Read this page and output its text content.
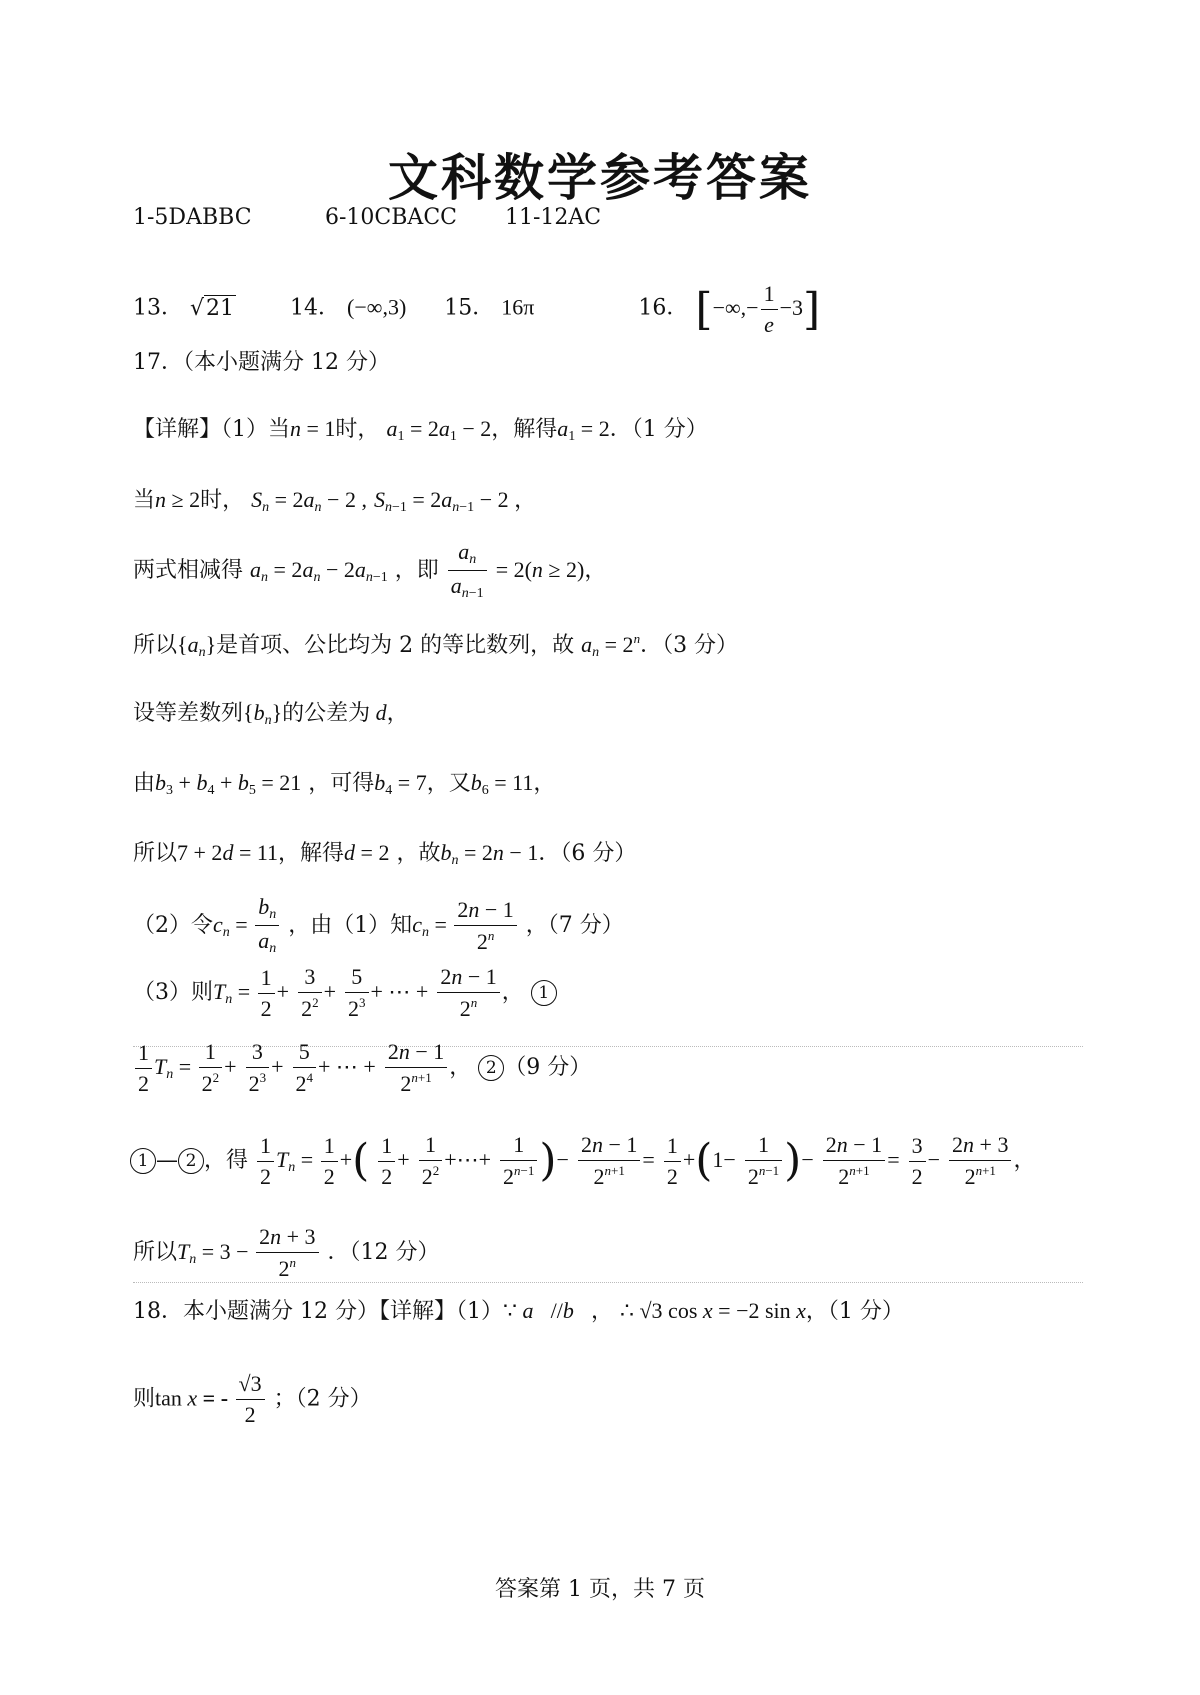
文科数学参考答案
1-5DABBC	6-10CBACC 11-12AC
13． √21	14． (−∞,3) 15． 16π	16． [−∞,− $\frac{1}{e} -3$]
17．（本小题满分 12 分）
【详解】（1）当n = 1时， $a_1 = 2a_1 - 2$，解得$a_1 = 2$．（1 分）
当n ≥ 2时， $S_n = 2a_n - 2$ , $S_{n-1} = 2a_{n-1} - 2$ ，
两式相减得 $a_n = 2a_n - 2a_{n-1}$ ，即 $\frac{a_n}{a_{n-1}} = 2(n \ge 2)$，
所以$\{a_n\}$是首项、公比均为 2 的等比数列，故 $a_n = 2^n$．（3 分）
设等差数列$\{b_n\}$的公差为 d，
由$b_3 + b_4 + b_5 = 21$ ，可得$b_4 = 7$，又$b_6 = 11$，
所以7 + 2d = 11，解得d = 2 ，故$b_n = 2n - 1$．（6 分）
（2）令$c_n = \frac{b_n}{a_n}$ ，由（1）知$c_n = \frac{2n - 1}{2^n}$ ，（7 分）
（3）则$T_n = \frac{1}{2} + \frac{3}{2^2} + \frac{5}{2^3}$ + ⋯ + $\frac{2n - 1}{2^n}$ ， 1
$\frac{1}{2} T_n = \frac{1}{2^2} + \frac{3}{2^3} + \frac{5}{2^4}$ + ⋯ + $\frac{2n - 1}{2^{n+1}}$ ， 2 （9 分）
1 — 2 ，得 $\frac{1}{2} T_n = \frac{1}{2}$ +( $\frac{1}{2} + \frac{1}{2^2}$ +⋯+ $\frac{1}{2^{n-1}}$ )− $\frac{2n - 1}{2^{n+1}} = \frac{1}{2} +(1- \frac{1}{2^{n-1}}$ )− $\frac{2n - 1}{2^{n+1}} = \frac{3}{2} - \frac{2n + 3}{2^{n+1}}$ ，
所以$T_n = 3 - \frac{2n + 3}{2^n}$ ．（12 分）
18．本小题满分 12 分）【详解】（1）∵ a⃗//b⃗， ∴ √3 cos x = −2 sin x，（1 分）
则tan x = - $\frac{√3}{2}$ ；（2 分）
答案第 1 页，共 7 页
